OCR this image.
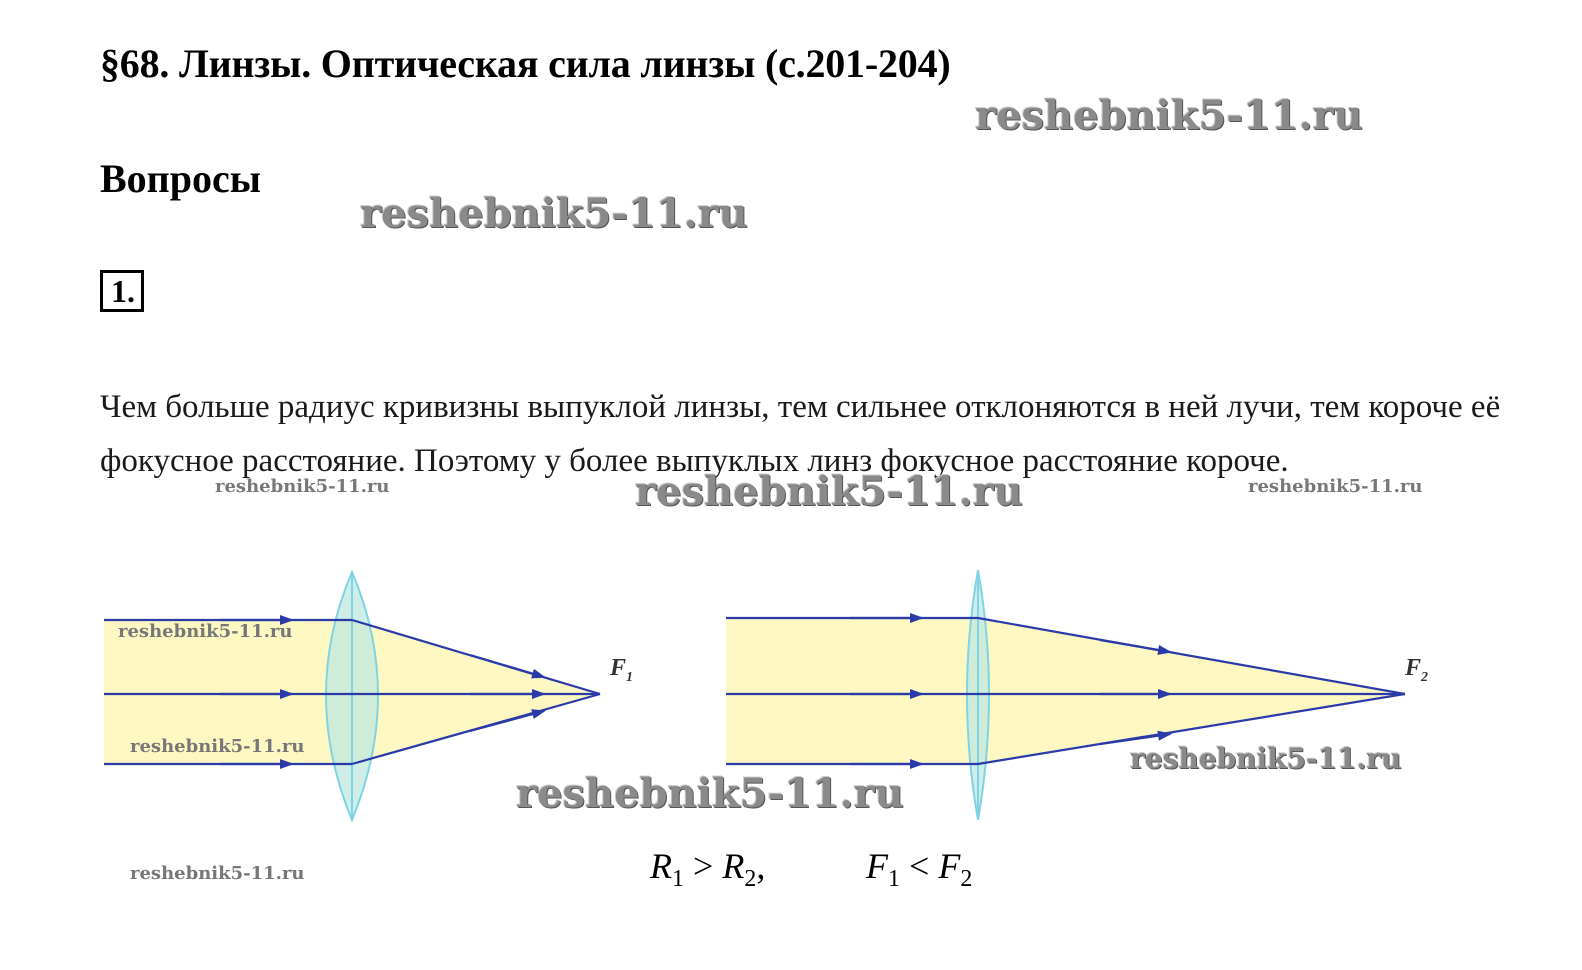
§68. Линзы. Оптическая сила линзы (с.201-204)
Вопросы
1.
Чем больше радиус кривизны выпуклой линзы, тем сильнее отклоняются в ней лучи, тем короче её фокусное расстояние. Поэтому у более выпуклых линз фокусное расстояние короче.
$F_1$	$F_2$
$R_1 > R_2$,	$F_1 < F_2$
reshebnik5-11.ru
reshebnik5-11.ru
reshebnik5-11.ru
reshebnik5-11.ru	reshebnik5-11.ru
reshebnik5-11.ru
reshebnik5-11.ru
reshebnik5-11.ru
reshebnik5-11.ru
reshebnik5-11.ru
